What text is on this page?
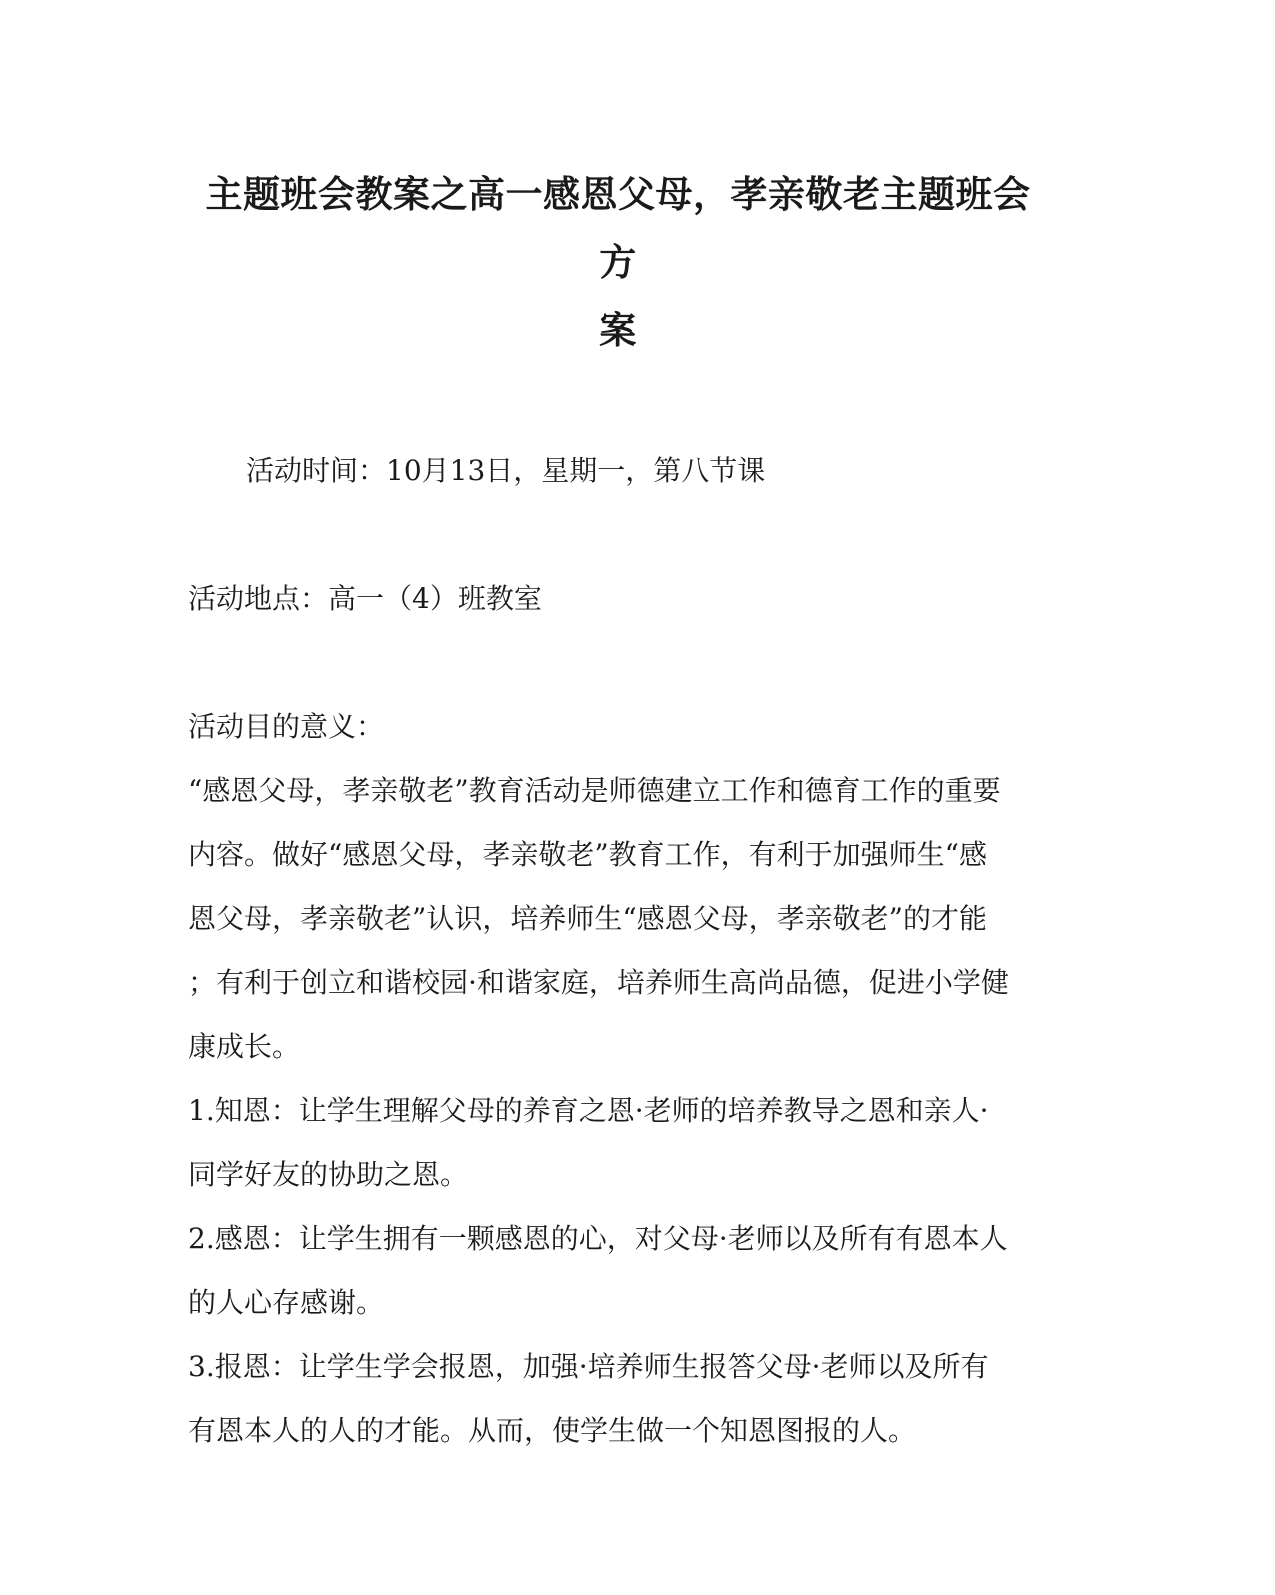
主题班会教案之高一感恩父母，孝亲敬老主题班会方
案

活动时间：10月13日，星期一，第八节课

活动地点：高一（4）班教室

活动目的意义：

“感恩父母，孝亲敬老”教育活动是师德建立工作和德育工作的重要

内容。做好“感恩父母，孝亲敬老”教育工作，有利于加强师生“感

恩父母，孝亲敬老”认识，培养师生“感恩父母，孝亲敬老”的才能

；有利于创立和谐校园·和谐家庭，培养师生高尚品德，促进小学健

康成长。

1.知恩：让学生理解父母的养育之恩·老师的培养教导之恩和亲人·

同学好友的协助之恩。

2.感恩：让学生拥有一颗感恩的心，对父母·老师以及所有有恩本人

的人心存感谢。

3.报恩：让学生学会报恩，加强·培养师生报答父母·老师以及所有

有恩本人的人的才能。从而，使学生做一个知恩图报的人。
